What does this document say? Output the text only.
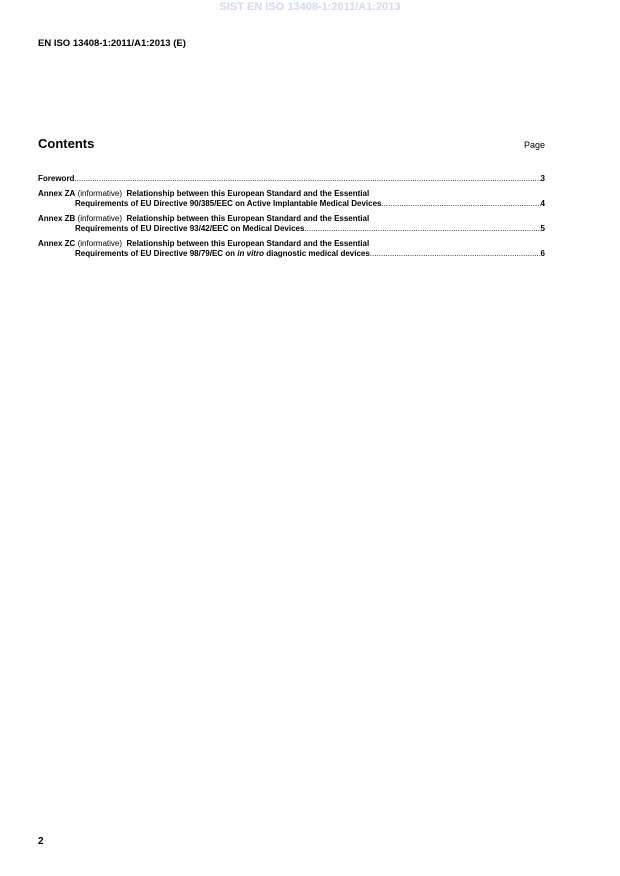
SIST EN ISO 13408-1:2011/A1:2013
EN ISO 13408-1:2011/A1:2013 (E)
Contents	Page
Foreword .....	3
Annex ZA (informative) Relationship between this European Standard and the Essential
Requirements of EU Directive 90/385/EEC on Active Implantable Medical Devices .....	4
Annex ZB (informative) Relationship between this European Standard and the Essential
Requirements of EU Directive 93/42/EEC on Medical Devices .....	5
Annex ZC (informative) Relationship between this European Standard and the Essential
Requirements of EU Directive 98/79/EC on in vitro diagnostic medical devices .....	6
2
